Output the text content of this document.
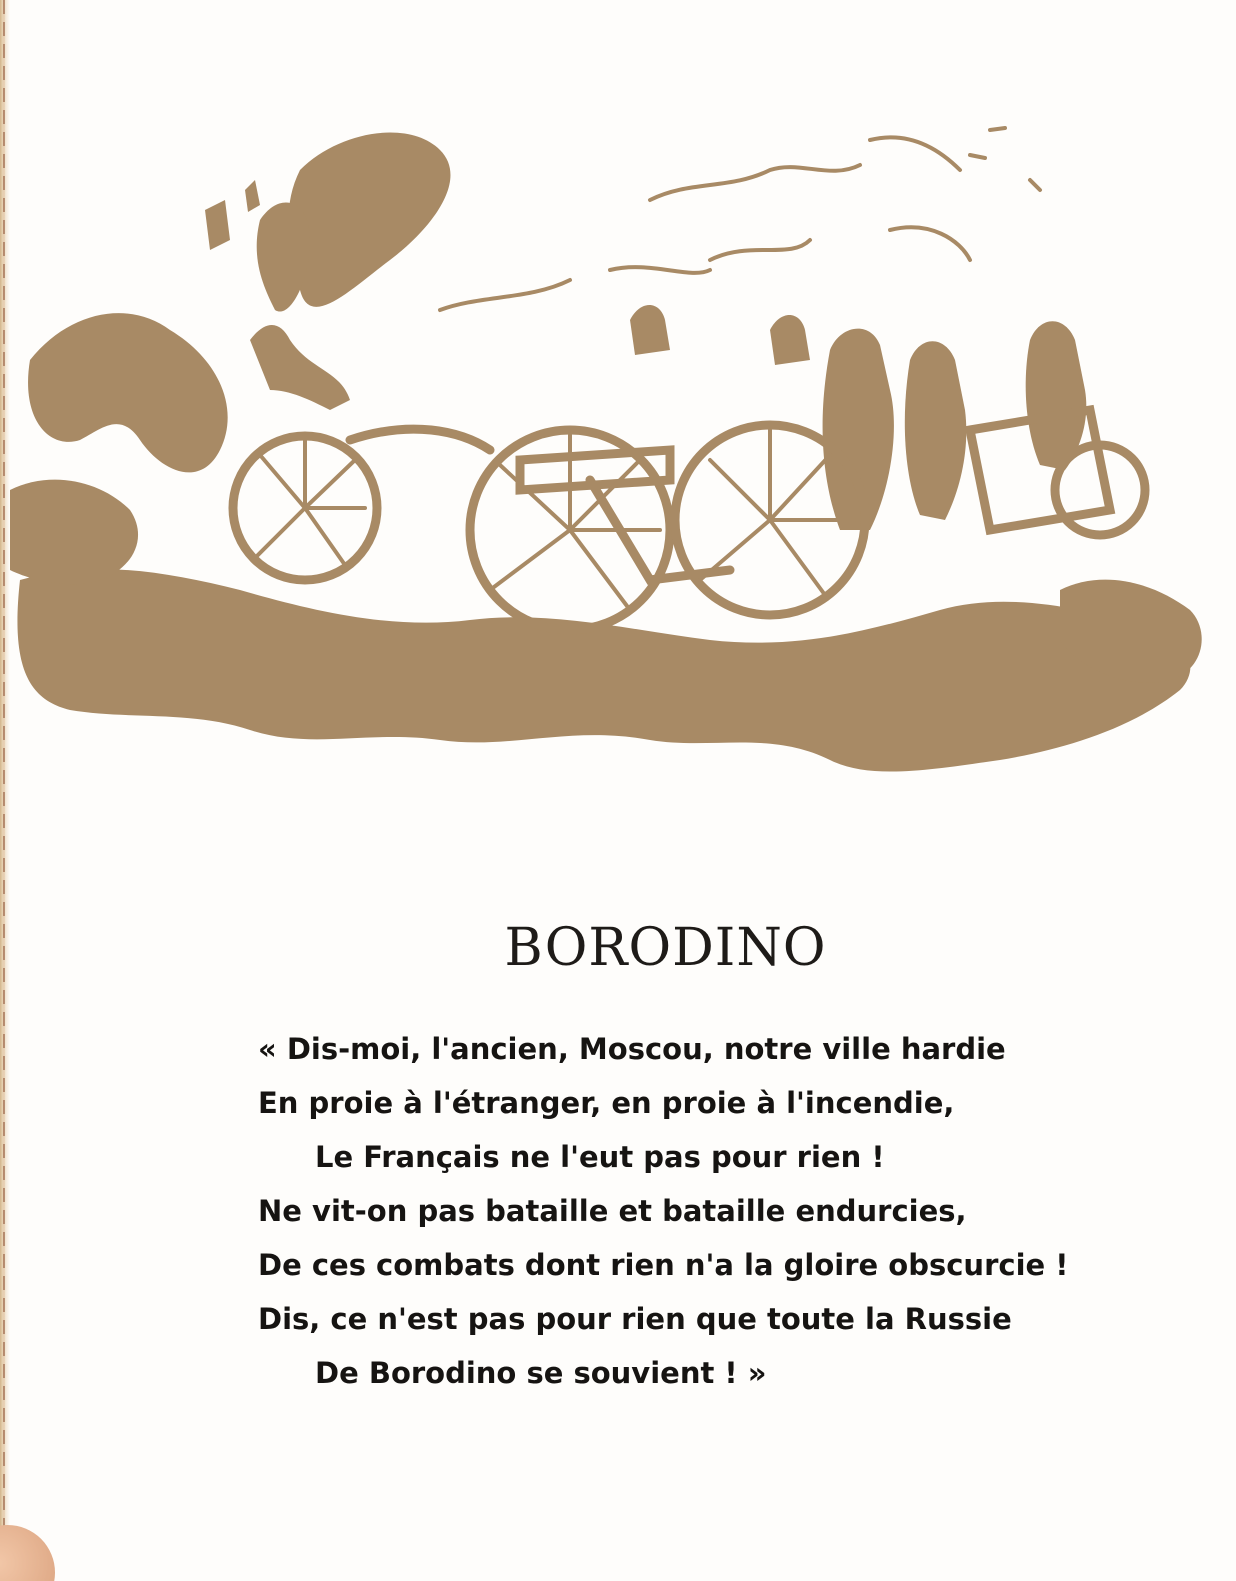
BORODINO
« Dis-moi, l'ancien, Moscou, notre ville hardie
En proie à l'étranger, en proie à l'incendie,
Le Français ne l'eut pas pour rien !
Ne vit-on pas bataille et bataille endurcies,
De ces combats dont rien n'a la gloire obscurcie !
Dis, ce n'est pas pour rien que toute la Russie
De Borodino se souvient ! »
